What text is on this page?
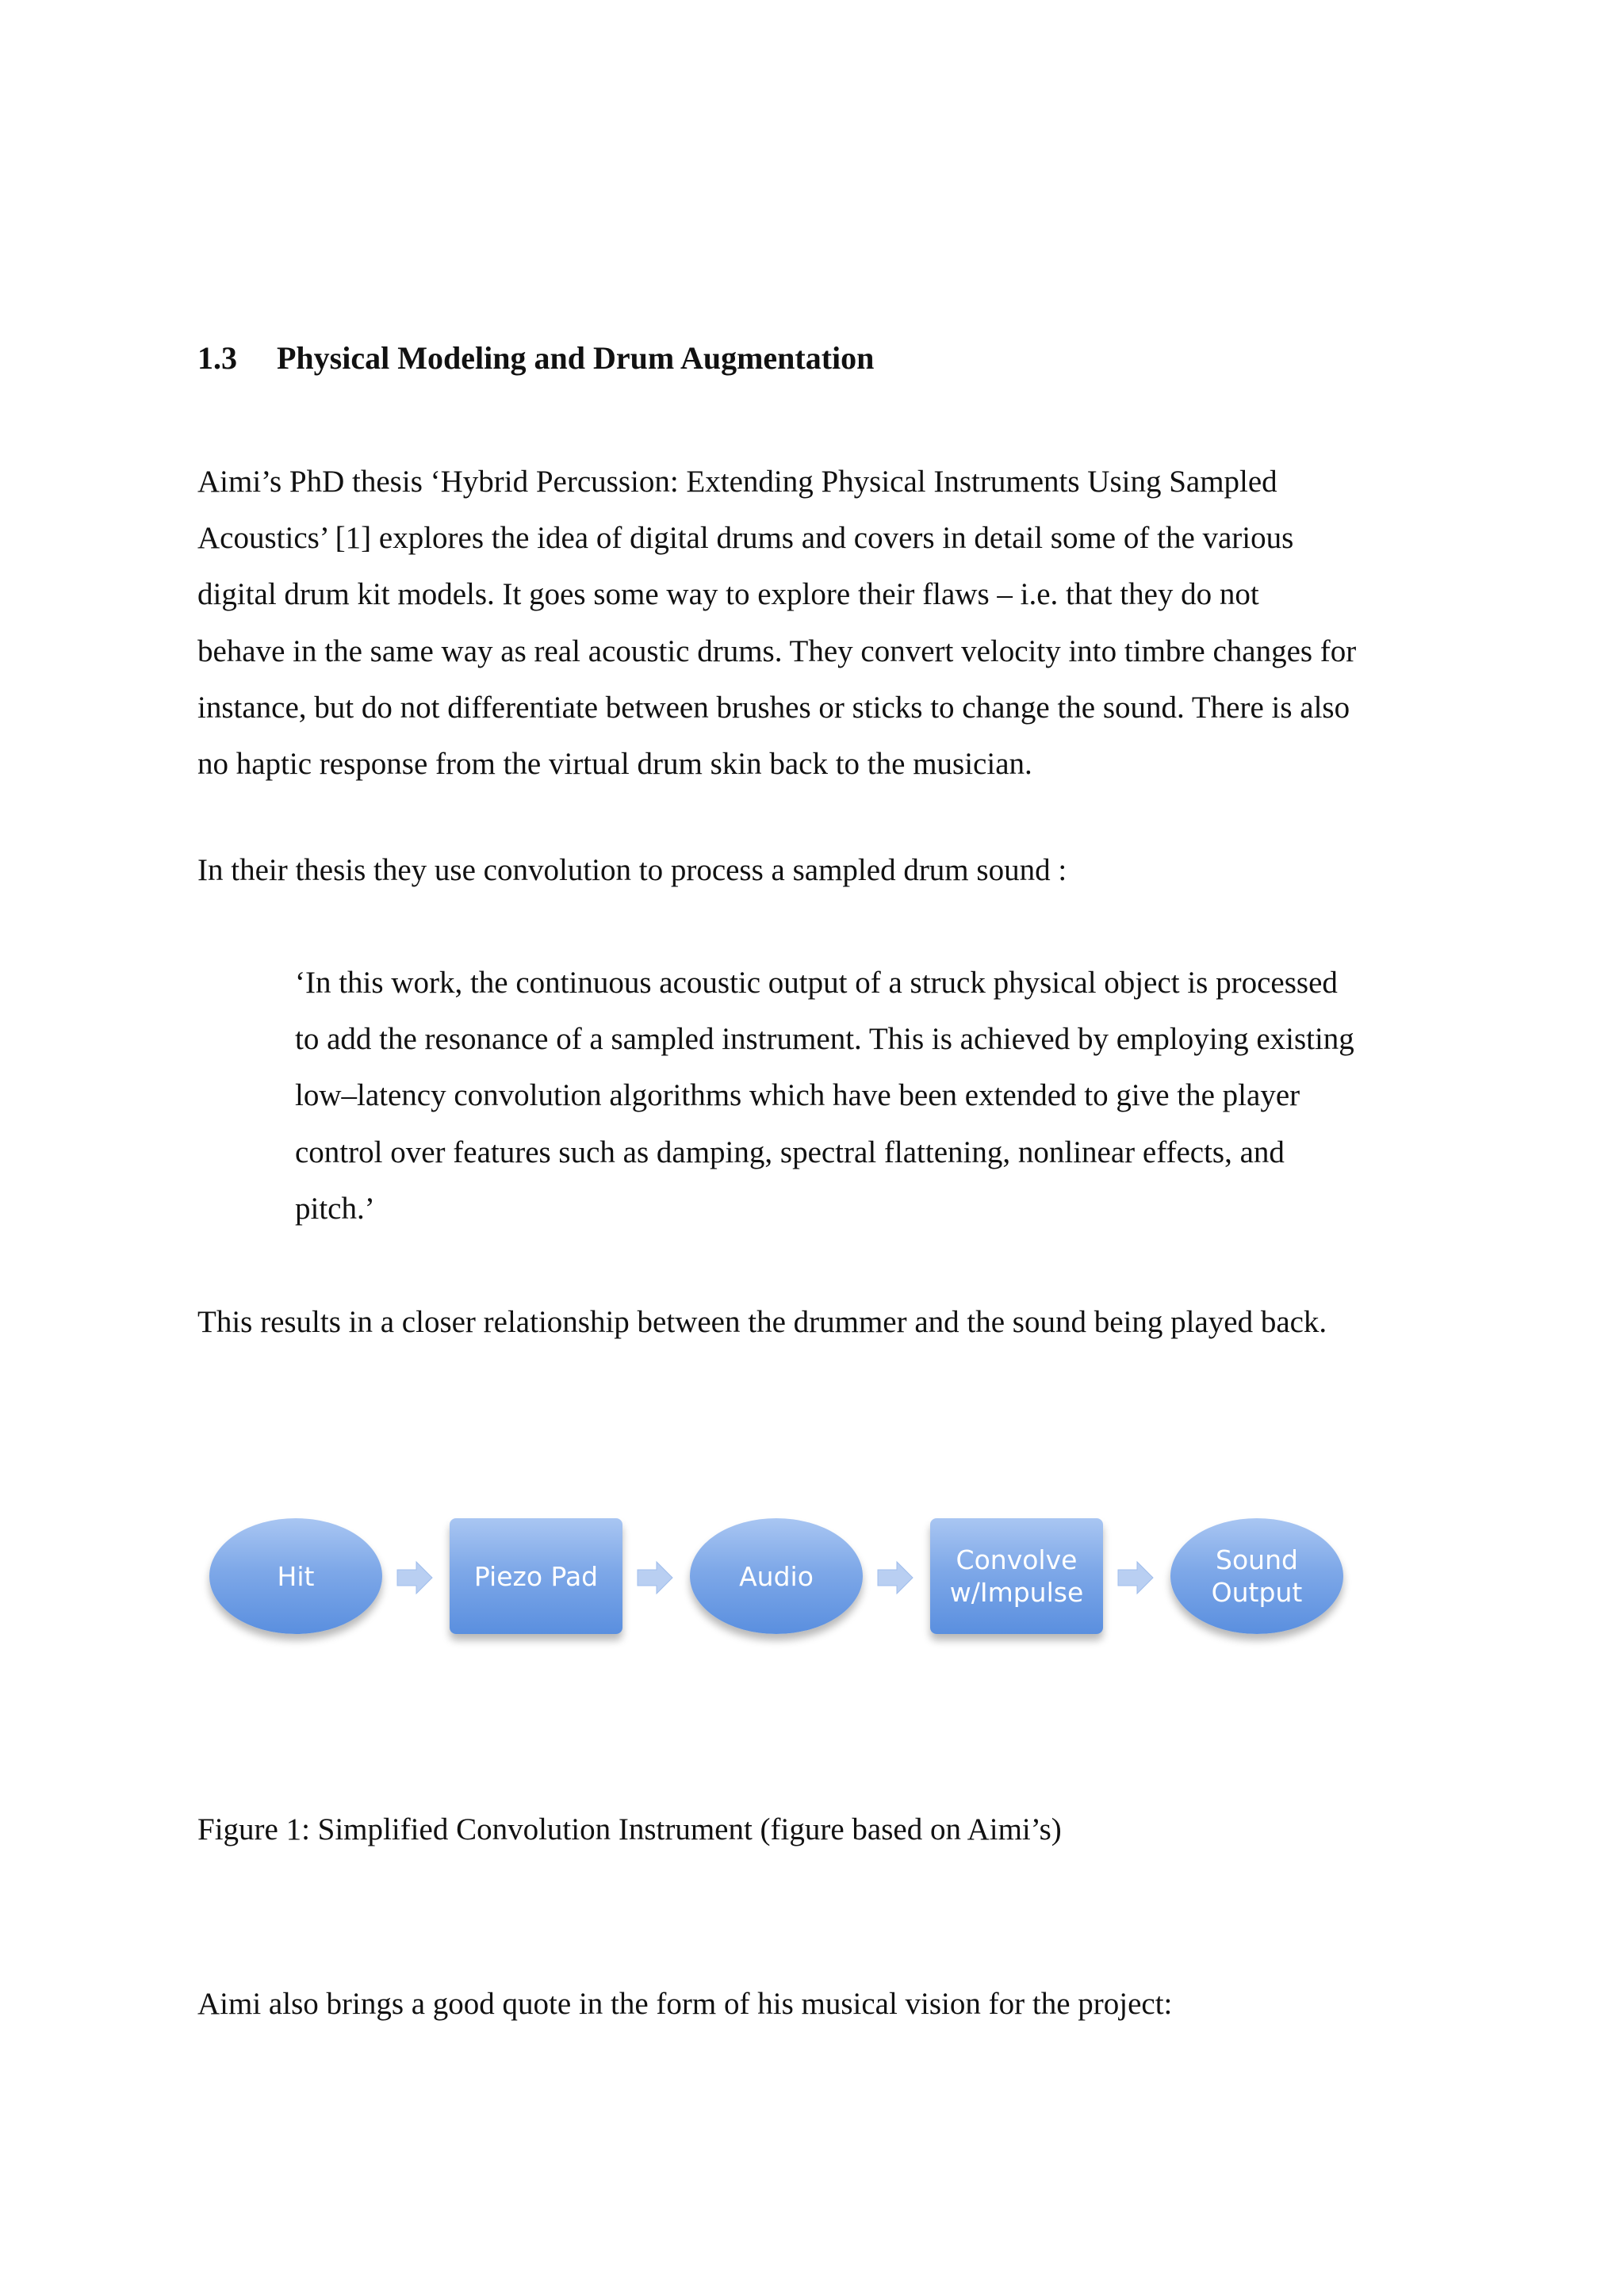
1.3 Physical Modeling and Drum Augmentation

Aimi’s PhD thesis ‘Hybrid Percussion: Extending Physical Instruments Using Sampled
Acoustics’ [1] explores the idea of digital drums and covers in detail some of the various
digital drum kit models. It goes some way to explore their flaws – i.e. that they do not
behave in the same way as real acoustic drums. They convert velocity into timbre changes for
instance, but do not differentiate between brushes or sticks to change the sound. There is also
no haptic response from the virtual drum skin back to the musician.

In their thesis they use convolution to process a sampled drum sound :

‘In this work, the continuous acoustic output of a struck physical object is processed
to add the resonance of a sampled instrument. This is achieved by employing existing
low–latency convolution algorithms which have been extended to give the player
control over features such as damping, spectral flattening, nonlinear effects, and
pitch.’

This results in a closer relationship between the drummer and the sound being played back.

Hit	Piezo Pad	Audio
Convolve
w/Impulse
Sound
Output

Figure 1: Simplified Convolution Instrument (figure based on Aimi’s)

Aimi also brings a good quote in the form of his musical vision for the project:
